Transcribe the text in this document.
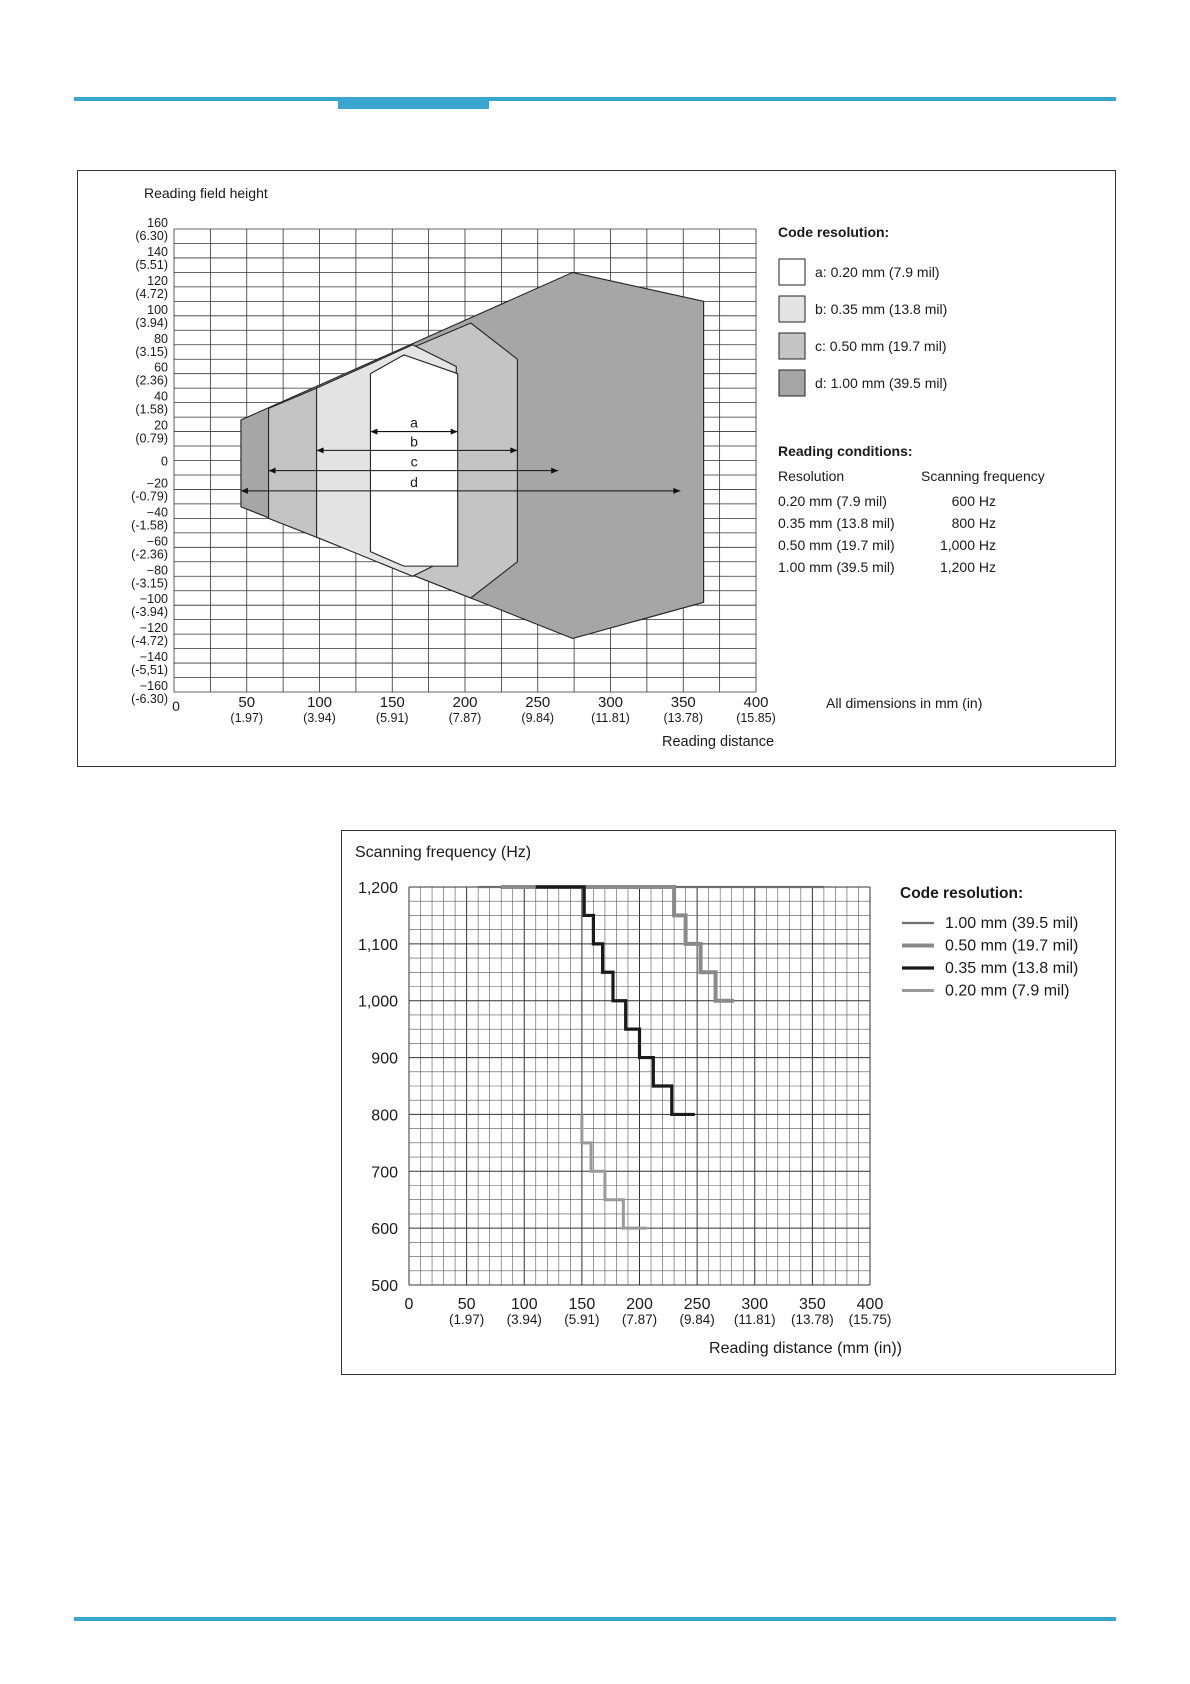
Reading field height
a
b
c
d
160
(6.30)
140
(5.51)
120
(4.72)
100
(3.94)
80
(3.15)
60
(2.36)
40
(1.58)
20
(0.79)
0
−20
(-0.79)
−40
(-1.58)
−60
(-2.36)
−80
(-3.15)
−100
(-3.94)
−120
(-4.72)
−140
(-5,51)
−160
(-6.30) 0	50
(1.97)
100
(3.94)
150
(5.91)
200
(7.87)
250
(9.84)
300
(11.81)
350
(13.78)
400
(15.85)
Reading distance
Code resolution:
a: 0.20 mm (7.9 mil)
b: 0.35 mm (13.8 mil)
c: 0.50 mm (19.7 mil)
d: 1.00 mm (39.5 mil)
Reading conditions:
Resolution	Scanning frequency
0.20 mm (7.9 mil)	600 Hz
0.35 mm (13.8 mil)	800 Hz
0.50 mm (19.7 mil)	1,000 Hz
1.00 mm (39.5 mil)	1,200 Hz
All dimensions in mm (in)
Scanning frequency (Hz)
1,200
1,100
1,000
900
800
700
600
500
0	50
(1.97)
100
(3.94)
150
(5.91)
200
(7.87)
250
(9.84)
300
(11.81)
350
(13.78)
400
(15.75)
Reading distance (mm (in))
Code resolution:
1.00 mm (39.5 mil)
0.50 mm (19.7 mil)
0.35 mm (13.8 mil)
0.20 mm (7.9 mil)
